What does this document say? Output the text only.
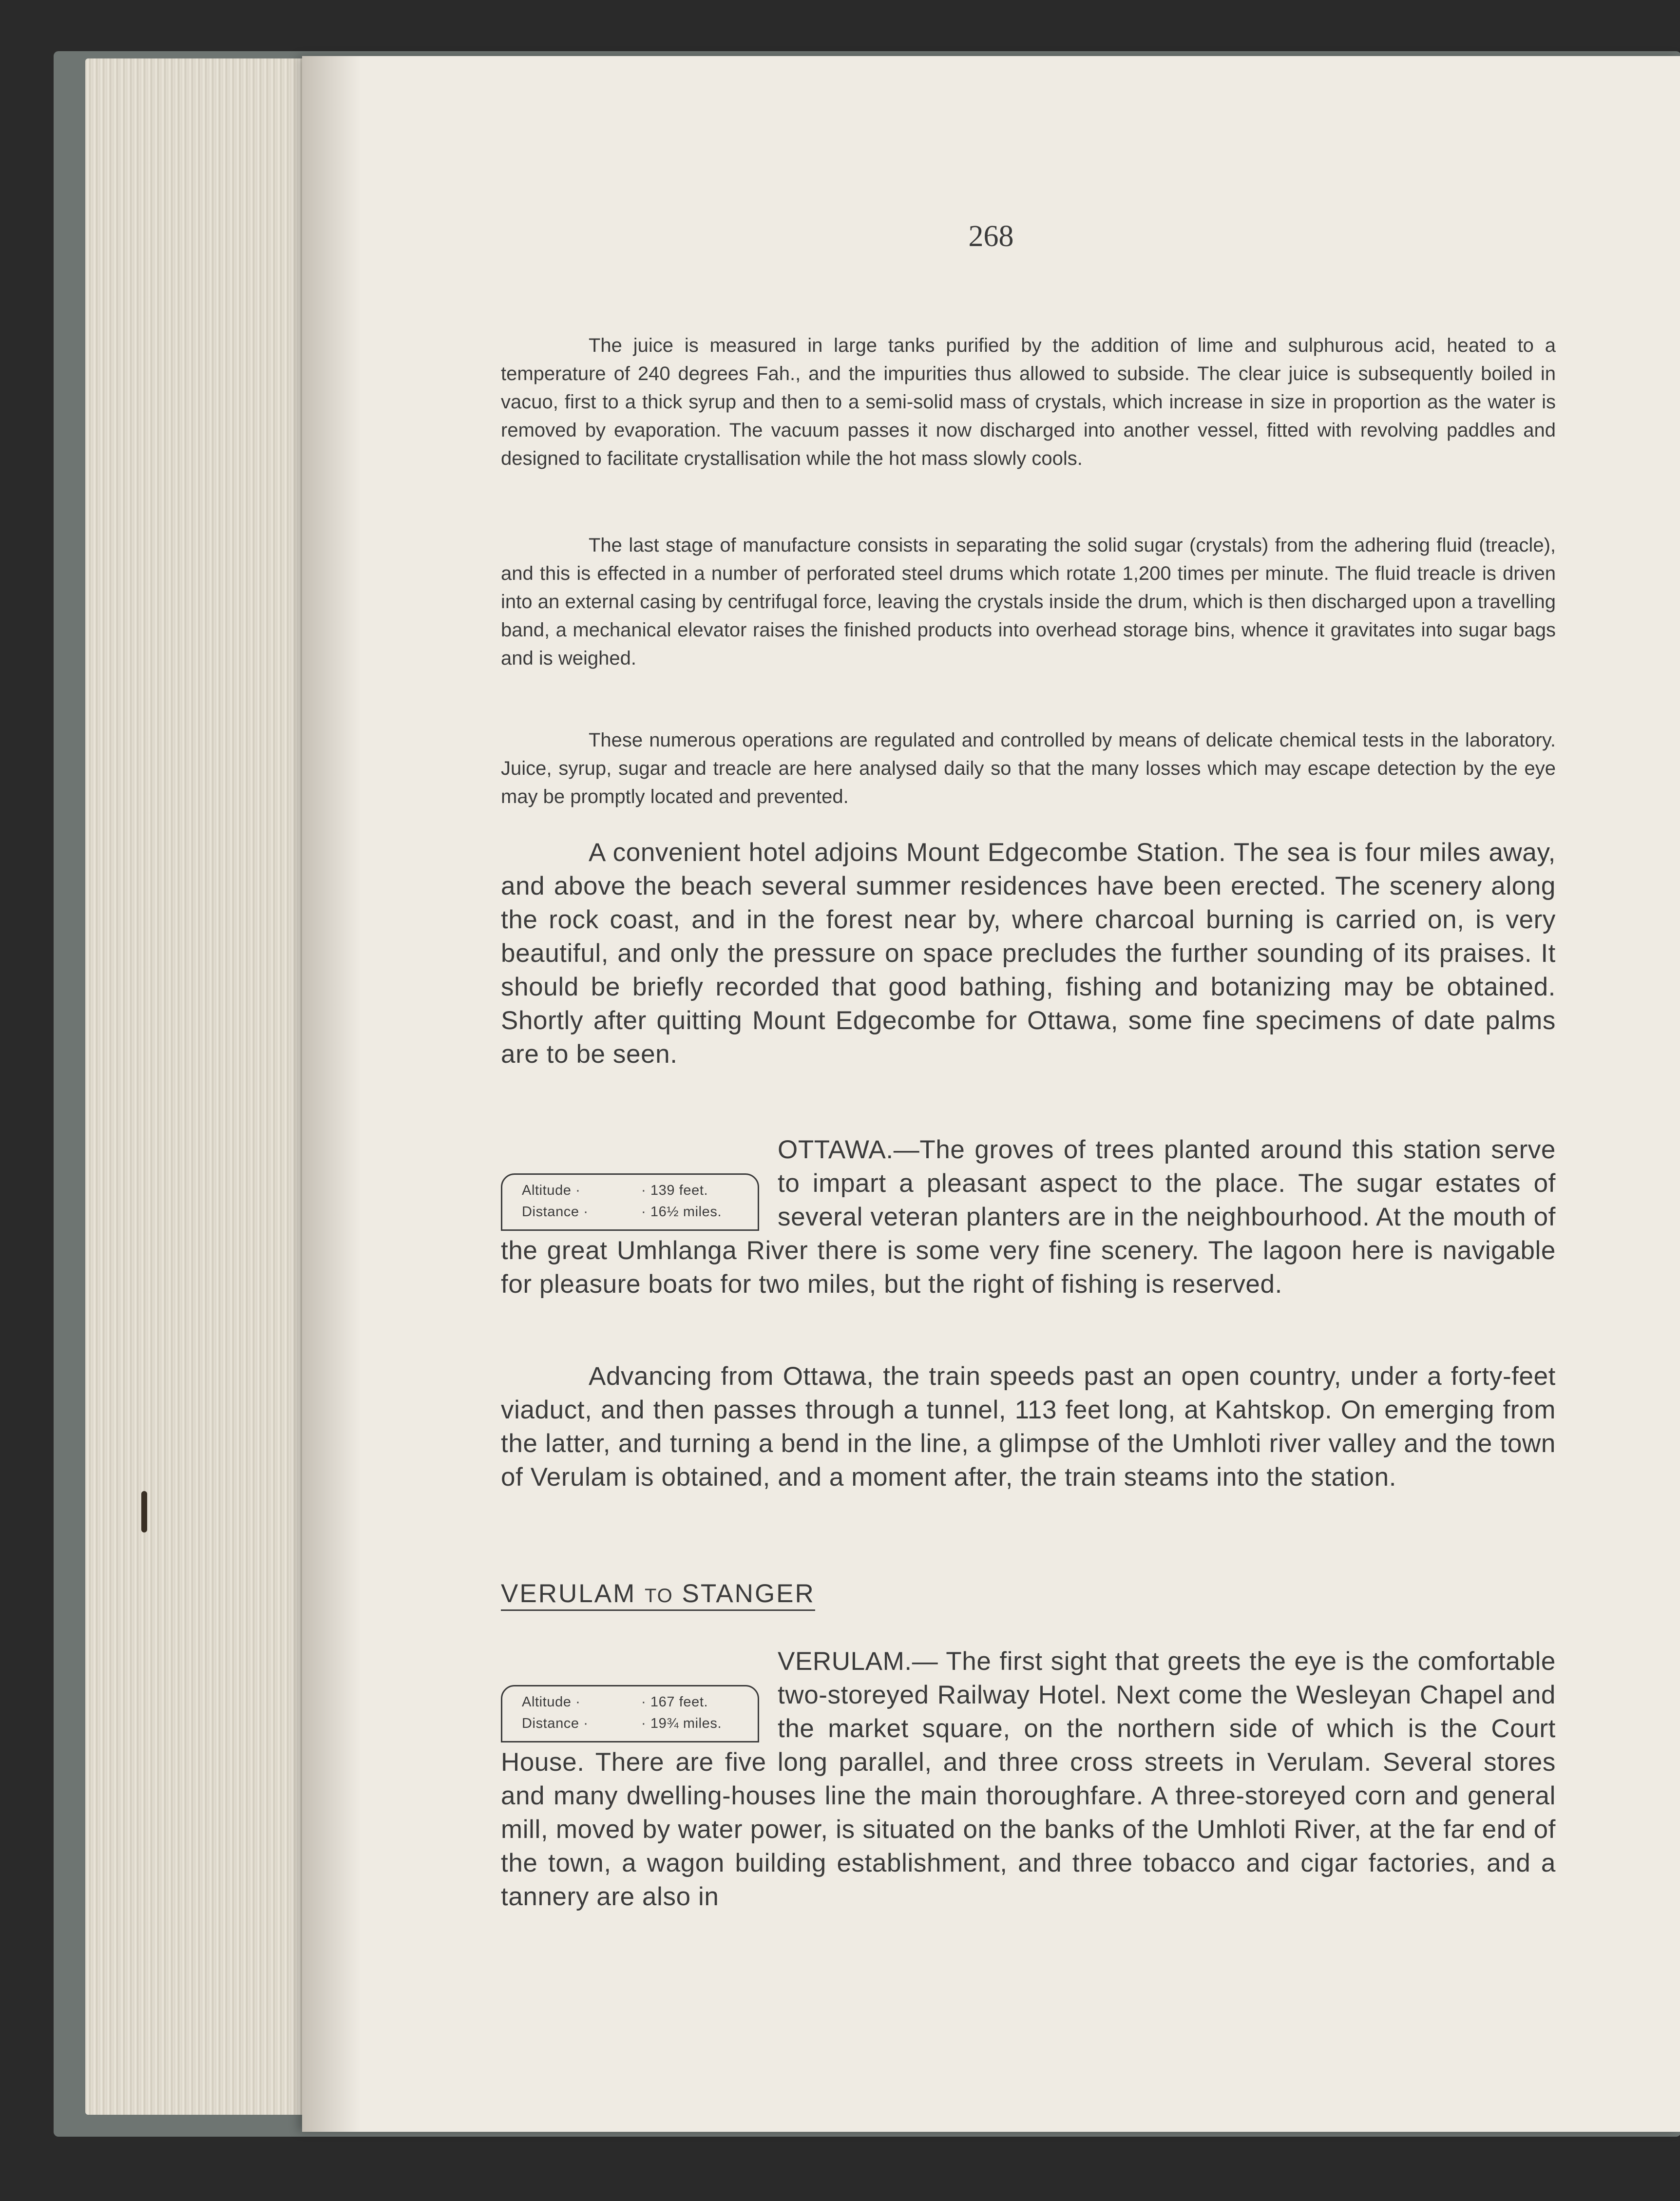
268

The juice is measured in large tanks purified by the addition of lime and sulphurous acid, heated to a temperature of 240 degrees Fah., and the impurities thus allowed to subside. The clear juice is subsequently boiled in vacuo, first to a thick syrup and then to a semi-solid mass of crystals, which increase in size in proportion as the water is removed by evaporation. The vacuum passes it now discharged into another vessel, fitted with revolving paddles and designed to facilitate crystallisation while the hot mass slowly cools.

The last stage of manufacture consists in separating the solid sugar (crystals) from the adhering fluid (treacle), and this is effected in a number of perforated steel drums which rotate 1,200 times per minute. The fluid treacle is driven into an external casing by centrifugal force, leaving the crystals inside the drum, which is then discharged upon a travelling band, a mechanical elevator raises the finished products into overhead storage bins, whence it gravitates into sugar bags and is weighed.

These numerous operations are regulated and controlled by means of delicate chemical tests in the laboratory. Juice, syrup, sugar and treacle are here analysed daily so that the many losses which may escape detection by the eye may be promptly located and prevented.

A convenient hotel adjoins Mount Edgecombe Station. The sea is four miles away, and above the beach several summer residences have been erected. The scenery along the rock coast, and in the forest near by, where charcoal burning is carried on, is very beautiful, and only the pressure on space precludes the further sounding of its praises. It should be briefly recorded that good bathing, fishing and botanizing may be obtained. Shortly after quitting Mount Edgecombe for Ottawa, some fine specimens of date palms are to be seen.

Altitude ·	· 139 feet.
Distance ·	· 16½ miles.

OTTAWA.—The groves of trees planted around this station serve to impart a pleasant aspect to the place. The sugar estates of several veteran planters are in the neighbourhood. At the mouth of the great Umhlanga River there is some very fine scenery. The lagoon here is navigable for pleasure boats for two miles, but the right of fishing is reserved.

Advancing from Ottawa, the train speeds past an open country, under a forty-feet viaduct, and then passes through a tunnel, 113 feet long, at Kahtskop. On emerging from the latter, and turning a bend in the line, a glimpse of the Umhloti river valley and the town of Verulam is obtained, and a moment after, the train steams into the station.

VERULAM TO STANGER
Altitude ·	· 167 feet.
Distance ·	· 19¾ miles.

VERULAM.— The first sight that greets the eye is the comfortable two-storeyed Railway Hotel. Next come the Wesleyan Chapel and the market square, on the northern side of which is the Court House. There are five long parallel, and three cross streets in Verulam. Several stores and many dwelling-houses line the main thoroughfare. A three-storeyed corn and general mill, moved by water power, is situated on the banks of the Umhloti River, at the far end of the town, a wagon building establishment, and three tobacco and cigar factories, and a tannery are also in
